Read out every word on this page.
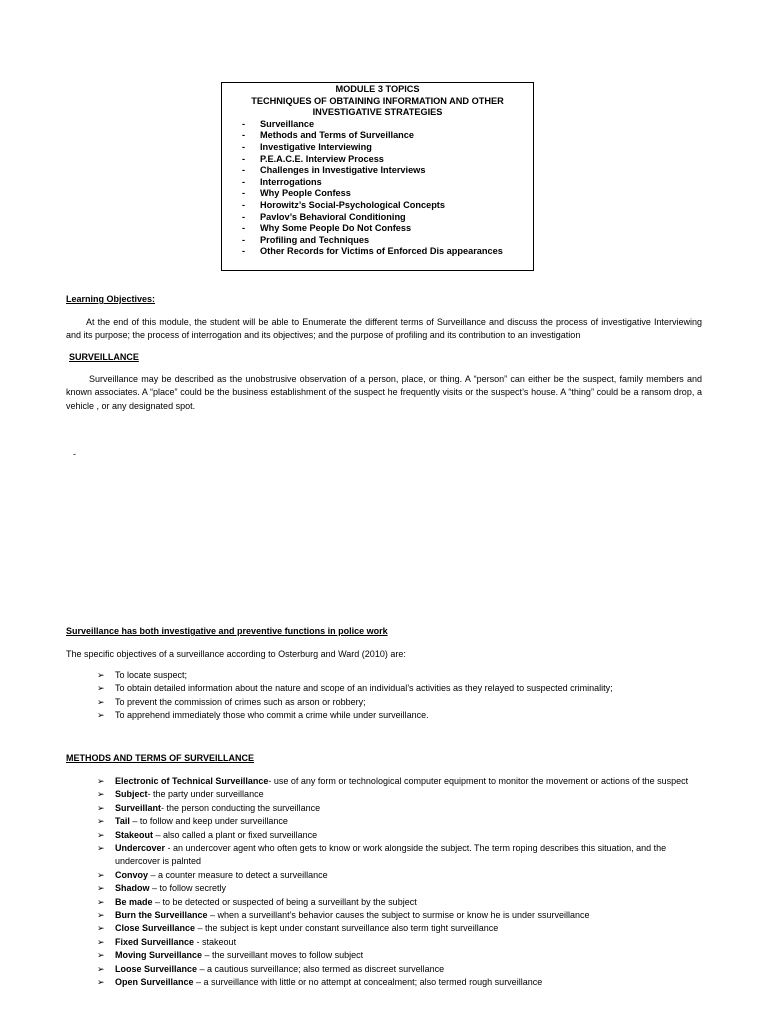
MODULE 3 TOPICS
TECHNIQUES OF OBTAINING INFORMATION AND OTHER
INVESTIGATIVE STRATEGIES
-	Surveillance
-	Methods and Terms of Surveillance
-	Investigative Interviewing
-	P.E.A.C.E. Interview Process
-	Challenges in Investigative Interviews
-	Interrogations
-	Why People Confess
-	Horowitz’s Social-Psychological Concepts
-	Pavlov’s Behavioral Conditioning
-	Why Some People Do Not Confess
-	Profiling and Techniques
-	Other Records for Victims of Enforced Dis appearances
Learning Objectives:

At the end of this module, the student will be able to Enumerate the different terms of Surveillance and discuss the process of investigative Interviewing and its purpose; the process of interrogation and its objectives; and the purpose of profiling and its contribution to an investigation

SURVEILLANCE

Surveillance may be described as the unobstrusive observation of a person, place, or thing. A “person” can either be the suspect, family members and known associates. A “place” could be the business establishment of the suspect he frequently visits or the suspect’s house. A “thing” could be a ransom drop, a vehicle , or any designated spot.

-
Surveillance has both investigative and preventive functions in police work

The specific objectives of a surveillance according to Osterburg and Ward (2010) are:

➢	To locate suspect;
➢	To obtain detailed information about the nature and scope of an individual’s activities as they relayed to suspected criminality;
➢	To prevent the commission of crimes such as arson or robbery;
➢	To apprehend immediately those who commit a crime while under surveillance.
METHODS AND TERMS OF SURVEILLANCE
➢	Electronic of Technical Surveillance- use of any form or technological computer equipment to monitor the movement or actions of the suspect
➢	Subject- the party under surveillance
➢	Surveillant- the person conducting the surveillance
➢	Tail – to follow and keep under surveillance
➢	Stakeout – also called a plant or fixed surveillance
➢	Undercover - an undercover agent who often gets to know or work alongside the subject. The term roping describes this situation, and the undercover is palnted
➢	Convoy – a counter measure to detect a surveillance
➢	Shadow – to follow secretly
➢	Be made – to be detected or suspected of being a surveillant by the subject
➢	Burn the Surveillance – when a surveillant’s behavior causes the subject to surmise or know he is under ssurveillance
➢	Close Surveillance – the subject is kept under constant surveillance also term tight surveillance
➢	Fixed Surveillance - stakeout
➢	Moving Surveillance – the surveillant moves to follow subject
➢	Loose Surveillance – a cautious surveillance; also termed as discreet survellance
➢	Open Surveillance – a surveillance with little or no attempt at concealment; also termed rough surveillance
